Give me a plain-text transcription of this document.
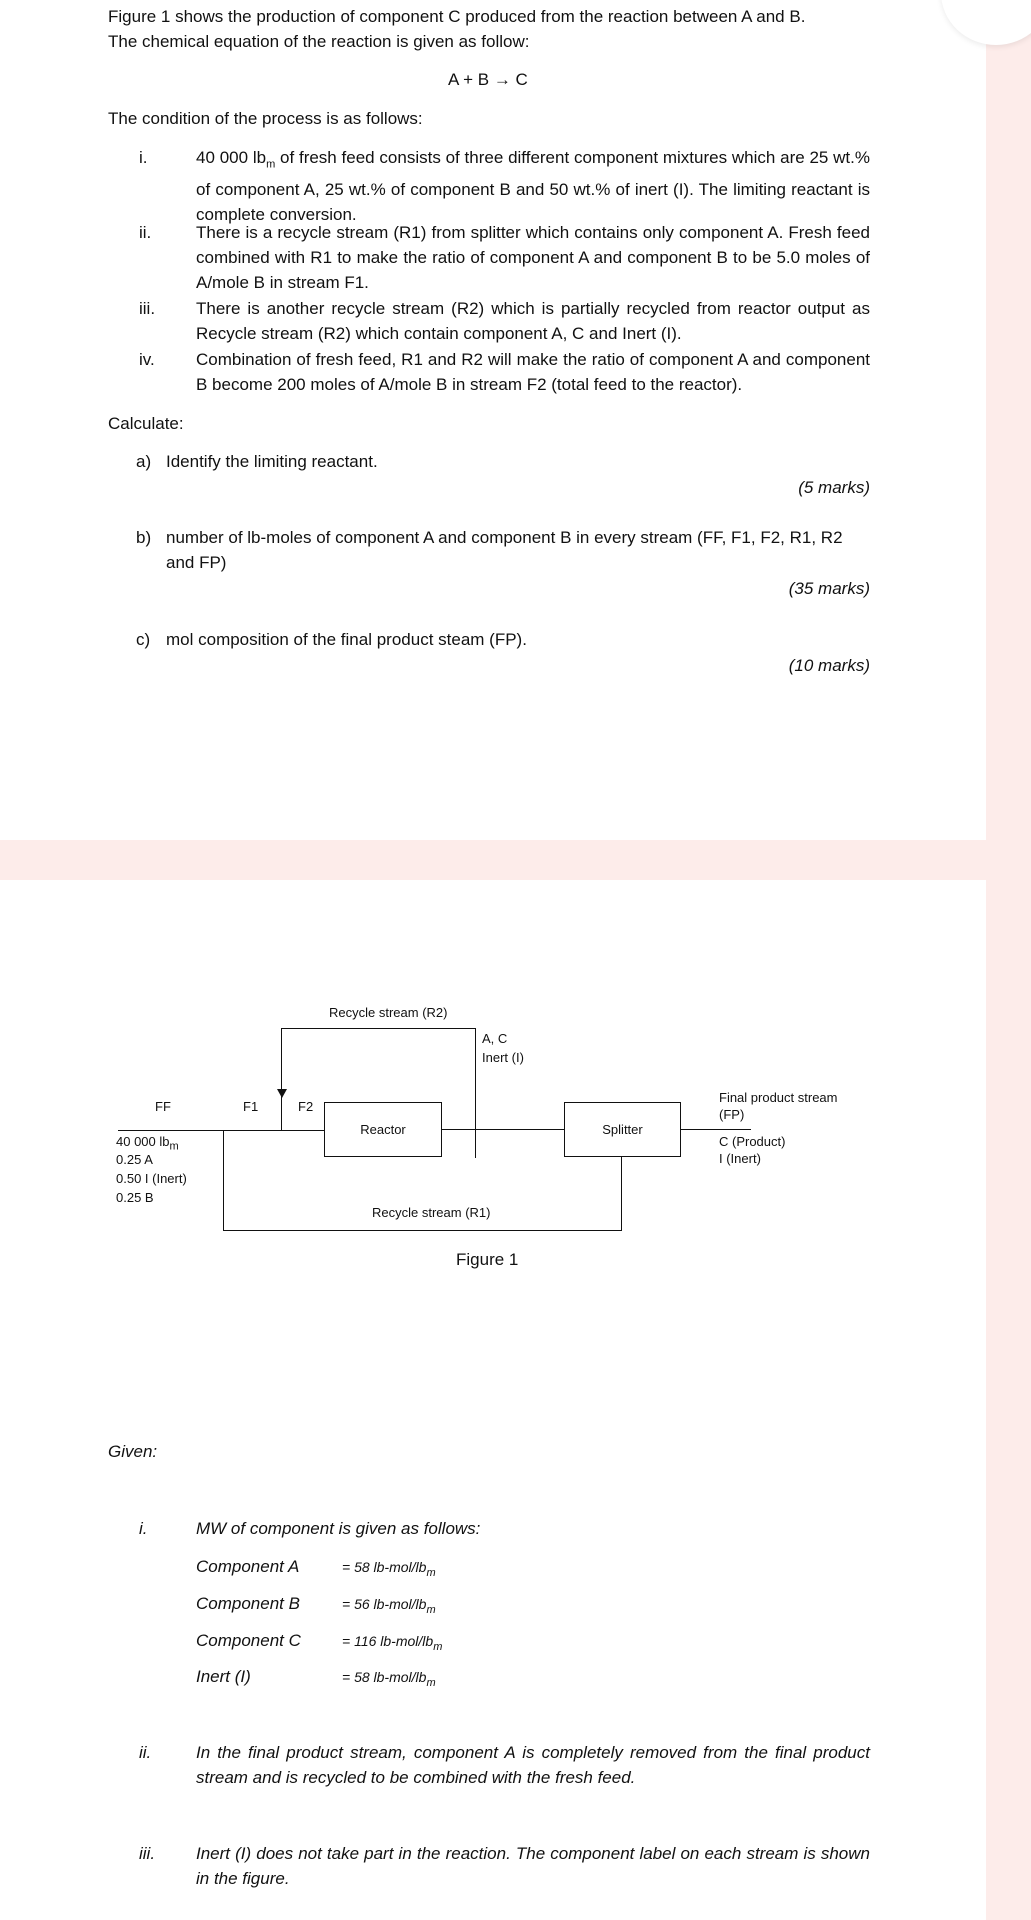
Figure 1 shows the production of component C produced from the reaction between A and B.
The chemical equation of the reaction is given as follow:
A + B → C
The condition of the process is as follows:
i.	40 000 $lb_m$ of fresh feed consists of three different component mixtures which are 25 wt.% of component A, 25 wt.% of component B and 50 wt.% of inert (I). The limiting reactant is complete conversion.
ii.	There is a recycle stream (R1) from splitter which contains only component A. Fresh feed combined with R1 to make the ratio of component A and component B to be 5.0 moles of A/mole B in stream F1.
iii. There is another recycle stream (R2) which is partially recycled from reactor output as Recycle stream (R2) which contain component A, C and Inert (I).
iv. Combination of fresh feed, R1 and R2 will make the ratio of component A and component B become 200 moles of A/mole B in stream F2 (total feed to the reactor).
Calculate:
a) Identify the limiting reactant.
(5 marks)
b) number of lb-moles of component A and component B in every stream (FF, F1, F2, R1, R2 and FP)
(35 marks)
c) mol composition of the final product steam (FP).
(10 marks)
Reactor	Splitter
Recycle stream (R2)
A, C
Inert (I)
FF	F1	F2
Final product stream
(FP)
C (Product)
I (Inert)
40 000 $lb_m$
0.25 A
0.50 I (Inert)
0.25 B
Recycle stream (R1)
Figure 1
Given:
i.	MW of component is given as follows:
Component A	= 58 $lb-mol/lb_m$
Component B	= 56 $lb-mol/lb_m$
Component C	= 116 $lb-mol/lb_m$
Inert (I)	= 58 $lb-mol/lb_m$
ii.	In the final product stream, component A is completely removed from the final product stream and is recycled to be combined with the fresh feed.
iii. Inert (I) does not take part in the reaction. The component label on each stream is shown in the figure.
